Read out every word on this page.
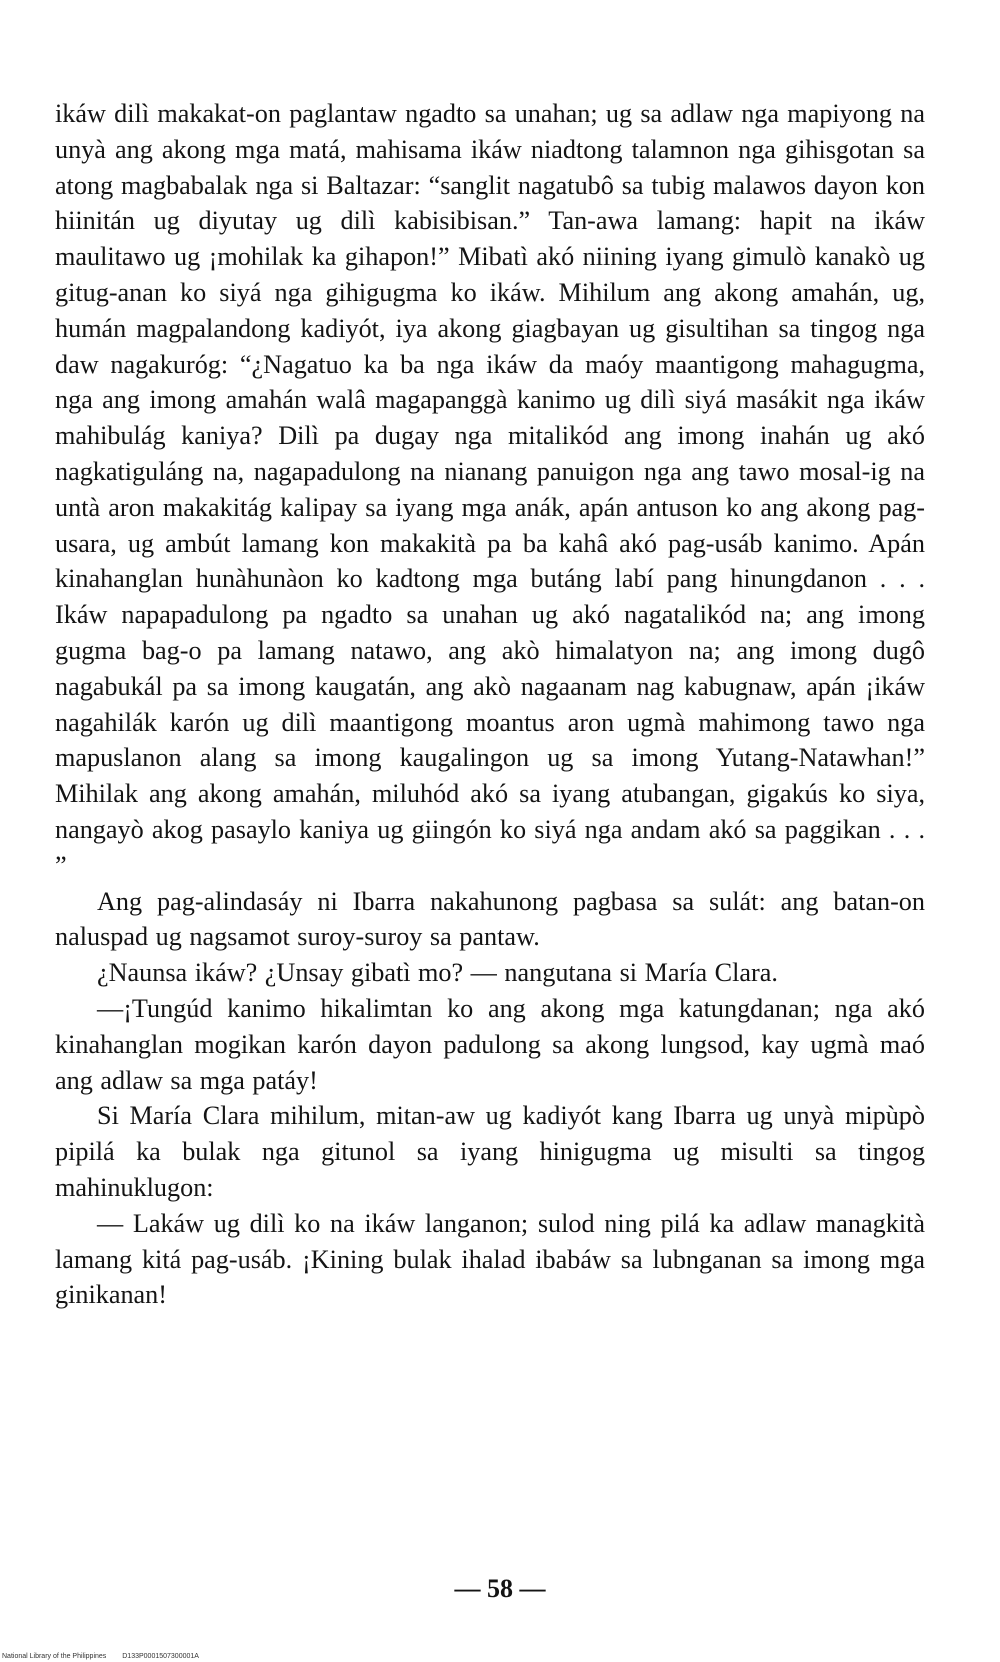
ikáw dilì makakat-on paglantaw ngadto sa unahan; ug sa adlaw nga mapiyong na unyà ang akong mga matá, mahisama ikáw niadtong talamnon nga gihisgotan sa atong magbabalak nga si Baltazar: “sanglit nagatubô sa tubig malawos dayon kon hiinitán ug diyutay ug dilì kabisibisan.” Tan-awa lamang: hapit na ikáw maulitawo ug ¡mohilak ka gihapon!” Mibatì akó niining iyang gimulò kanakò ug gitug-anan ko siyá nga gihigugma ko ikáw. Mihilum ang akong amahán, ug, humán magpalandong kadiyót, iya akong giagbayan ug gisultihan sa tingog nga daw nagakuróg: “¿Nagatuo ka ba nga ikáw da maóy maantigong mahagugma, nga ang imong amahán walâ magapanggà kanimo ug dilì siyá masákit nga ikáw mahibulág kaniya? Dilì pa dugay nga mitalikód ang imong inahán ug akó nagkatiguláng na, nagapadulong na nianang panuigon nga ang tawo mosal-ig na untà aron makakitág kalipay sa iyang mga anák, apán antuson ko ang akong pag-usara, ug ambút lamang kon makakità pa ba kahâ akó pag-usáb kanimo. Apán kinahanglan hunàhunàon ko kadtong mga butáng labí pang hinungdanon . . . Ikáw napapadulong pa ngadto sa unahan ug akó nagatalikód na; ang imong gugma bag-o pa lamang natawo, ang akò himalatyon na; ang imong dugô nagabukál pa sa imong kaugatán, ang akò nagaanam nag kabugnaw, apán ¡ikáw nagahilák karón ug dilì maantigong moantus aron ugmà mahimong tawo nga mapuslanon alang sa imong kaugalingon ug sa imong Yutang-Natawhan!” Mihilak ang akong amahán, miluhód akó sa iyang atubangan, gigakús ko siya, nangayò akog pasaylo kaniya ug giingón ko siyá nga andam akó sa paggikan . . . ”

Ang pag-alindasáy ni Ibarra nakahunong pagbasa sa sulát: ang batan-on naluspad ug nagsamot suroy-suroy sa pantaw.

¿Naunsa ikáw? ¿Unsay gibatì mo? — nangutana si María Clara.

—¡Tungúd kanimo hikalimtan ko ang akong mga katungdanan; nga akó kinahanglan mogikan karón dayon padulong sa akong lungsod, kay ugmà maó ang adlaw sa mga patáy!

Si María Clara mihilum, mitan-aw ug kadiyót kang Ibarra ug unyà mipùpò pipilá ka bulak nga gitunol sa iyang hinigugma ug misulti sa tingog mahinuklugon:

— Lakáw ug dilì ko na ikáw langanon; sulod ning pilá ka adlaw managkità lamang kitá pag-usáb. ¡Kining bulak ihalad ibabáw sa lubnganan sa imong mga ginikanan!

— 58 —
National Library of the Philippines D133P0001507300001A
